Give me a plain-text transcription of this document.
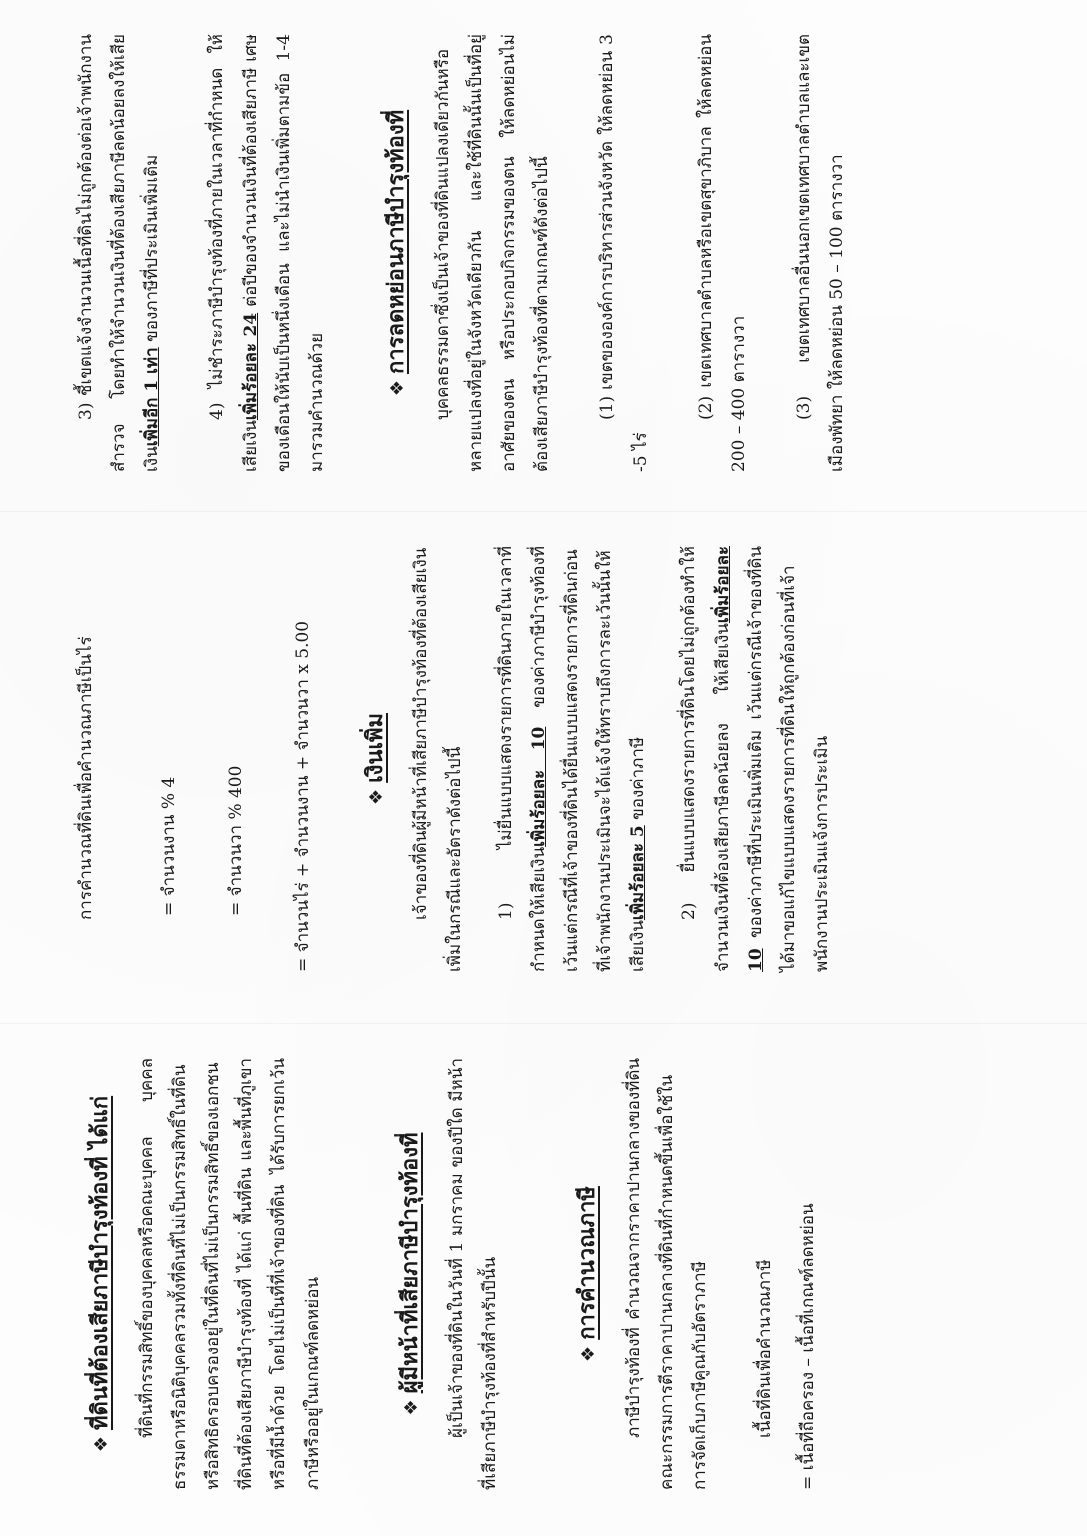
❖ที่ดินที่ต้องเสียภาษีบำรุงท้องที่ ได้แก่	ที่ดินที่กรรมสิทธิ์ของบุคคลหรือคณะบุคคล บุคคลธรรมดาหรือนิติบุคคลรวมทั้งที่ดินที่ไม่เป็นกรรมสิทธิ์ในที่ดิน หรือสิทธิครอบครองอยู่ในที่ดินที่ไม่เป็นกรรมสิทธิ์ของเอกชน ที่ดินที่ต้องเสียภาษีบำรุงท้องที่ ได้แก่ พื้นที่ดิน และพื้นที่ภูเขาหรือที่มีน้ำด้วย โดยไม่เป็นที่ที่เจ้าของที่ดิน ได้รับการยกเว้นภาษีหรืออยู่ในเกณฑ์ลดหย่อน	❖ผู้มีหน้าที่เสียภาษีบำรุงท้องที่	ผู้เป็นเจ้าของที่ดินในวันที่ 1 มกราคม ของปีใด มีหน้าที่เสียภาษีบำรุงท้องที่สำหรับปีนั้น	❖การคำนวณภาษี	ภาษีบำรุงท้องที่ คำนวณจากราคาปานกลางของที่ดินคณะกรรมการตีราคาปานกลางที่ดินที่กำหนดขึ้นเพื่อใช้ในการจัดเก็บภาษีคูณกับอัตราภาษี	เนื้อที่ดินเพื่อคำนวณภาษี	= เนื้อที่ถือครอง – เนื้อที่เกณฑ์ลดหย่อน

การคำนวณที่ดินเพื่อคำนวณภาษีเป็นไร่	= จำนวนงาน % 4	= จำนวนวา % 400	= จำนวนไร่ + จำนวนงาน + จำนวนวา x 5.00	❖เงินเพิ่ม	เจ้าของที่ดินผู้มีหน้าที่เสียภาษีบำรุงท้องที่ต้องเสียเงินเพิ่มในกรณีและอัตราดังต่อไปนี้	1) ไม่ยื่นแบบแสดงรายการที่ดินภายในเวลาที่กำหนดให้เสียเงินเพิ่มร้อยละ 10 ของค่าภาษีบำรุงท้องที่ เว้นแต่กรณีที่เจ้าของที่ดินได้ยื่นแบบแสดงรายการที่ดินก่อนที่เจ้าพนักงานประเมินจะได้แจ้งให้ทราบถึงการละเว้นนั้นให้เสียเงินเพิ่มร้อยละ 5 ของค่าภาษี	2) ยื่นแบบแสดงรายการที่ดินโดยไม่ถูกต้องทำให้จำนวนเงินที่ต้องเสียภาษีลดน้อยลง ให้เสียเงินเพิ่มร้อยละ 10 ของค่าภาษีที่ประเมินเพิ่มเติม เว้นแต่กรณีเจ้าของที่ดินได้มาขอแก้ไขแบบแสดงรายการที่ดินให้ถูกต้องก่อนที่เจ้าพนักงานประเมินแจ้งการประเมิน

3) ชี้เขตแจ้งจำนวนเนื้อที่ดินไม่ถูกต้องต่อเจ้าพนักงานสำรวจ โดยทำให้จำนวนเงินที่ต้องเสียภาษีลดน้อยลงให้เสียเงินเพิ่มอีก 1 เท่า ของภาษีที่ประเมินเพิ่มเติม	4) ไม่ชำระภาษีบำรุงท้องที่ภายในเวลาที่กำหนด ให้เสียเงินเพิ่มร้อยละ 24 ต่อปีของจำนวนเงินที่ต้องเสียภาษี เศษของเดือนให้นับเป็นหนึ่งเดือน และไม่นำเงินเพิ่มตามข้อ 1-4 มารวมคำนวณด้วย	❖การลดหย่อนภาษีบำรุงท้องที่	บุคคลธรรมดาซึ่งเป็นเจ้าของที่ดินแปลงเดียวกันหรือหลายแปลงที่อยู่ในจังหวัดเดียวกัน และใช้ที่ดินนั้นเป็นที่อยู่อาศัยของตน หรือประกอบกิจกรรมของตน ให้ลดหย่อนไม่ต้องเสียภาษีบำรุงท้องที่ตามเกณฑ์ดังต่อไปนี้	(1) เขตขององค์การบริหารส่วนจังหวัด ให้ลดหย่อน 3 -5 ไร่

(2) เขตเทศบาลตำบลหรือเขตสุขาภิบาล ให้ลดหย่อน 200 – 400 ตารางวา	(3) เขตเทศบาลอื่นนอกเขตเทศบาลตำบลและเขตเมืองพัทยา ให้ลดหย่อน 50 – 100 ตารางวา
